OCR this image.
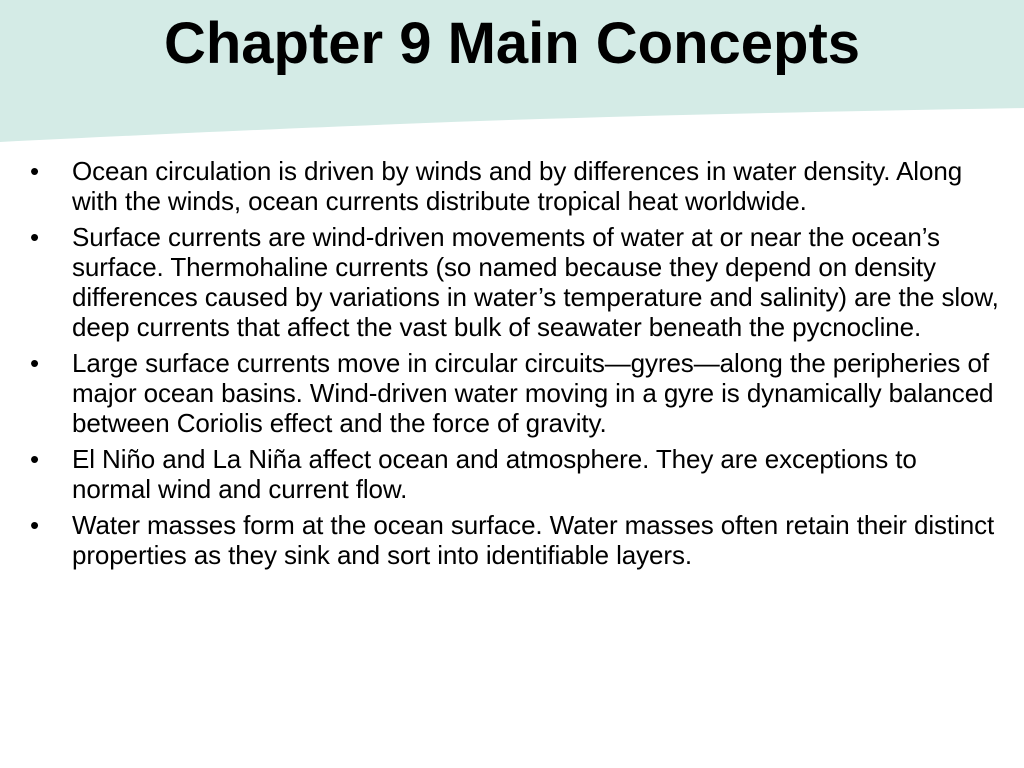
Chapter 9 Main Concepts
•	Ocean circulation is driven by winds and by differences in water density. Along with the winds, ocean currents distribute tropical heat worldwide.
•	Surface currents are wind-driven movements of water at or near the ocean’s surface. Thermohaline currents (so named because they depend on density differences caused by variations in water’s temperature and salinity) are the slow, deep currents that affect the vast bulk of seawater beneath the pycnocline.
•	Large surface currents move in circular circuits—gyres—along the peripheries of major ocean basins. Wind-driven water moving in a gyre is dynamically balanced between Coriolis effect and the force of gravity.
•	El Niño and La Niña affect ocean and atmosphere. They are exceptions to normal wind and current flow.
•	Water masses form at the ocean surface. Water masses often retain their distinct properties as they sink and sort into identifiable layers.
